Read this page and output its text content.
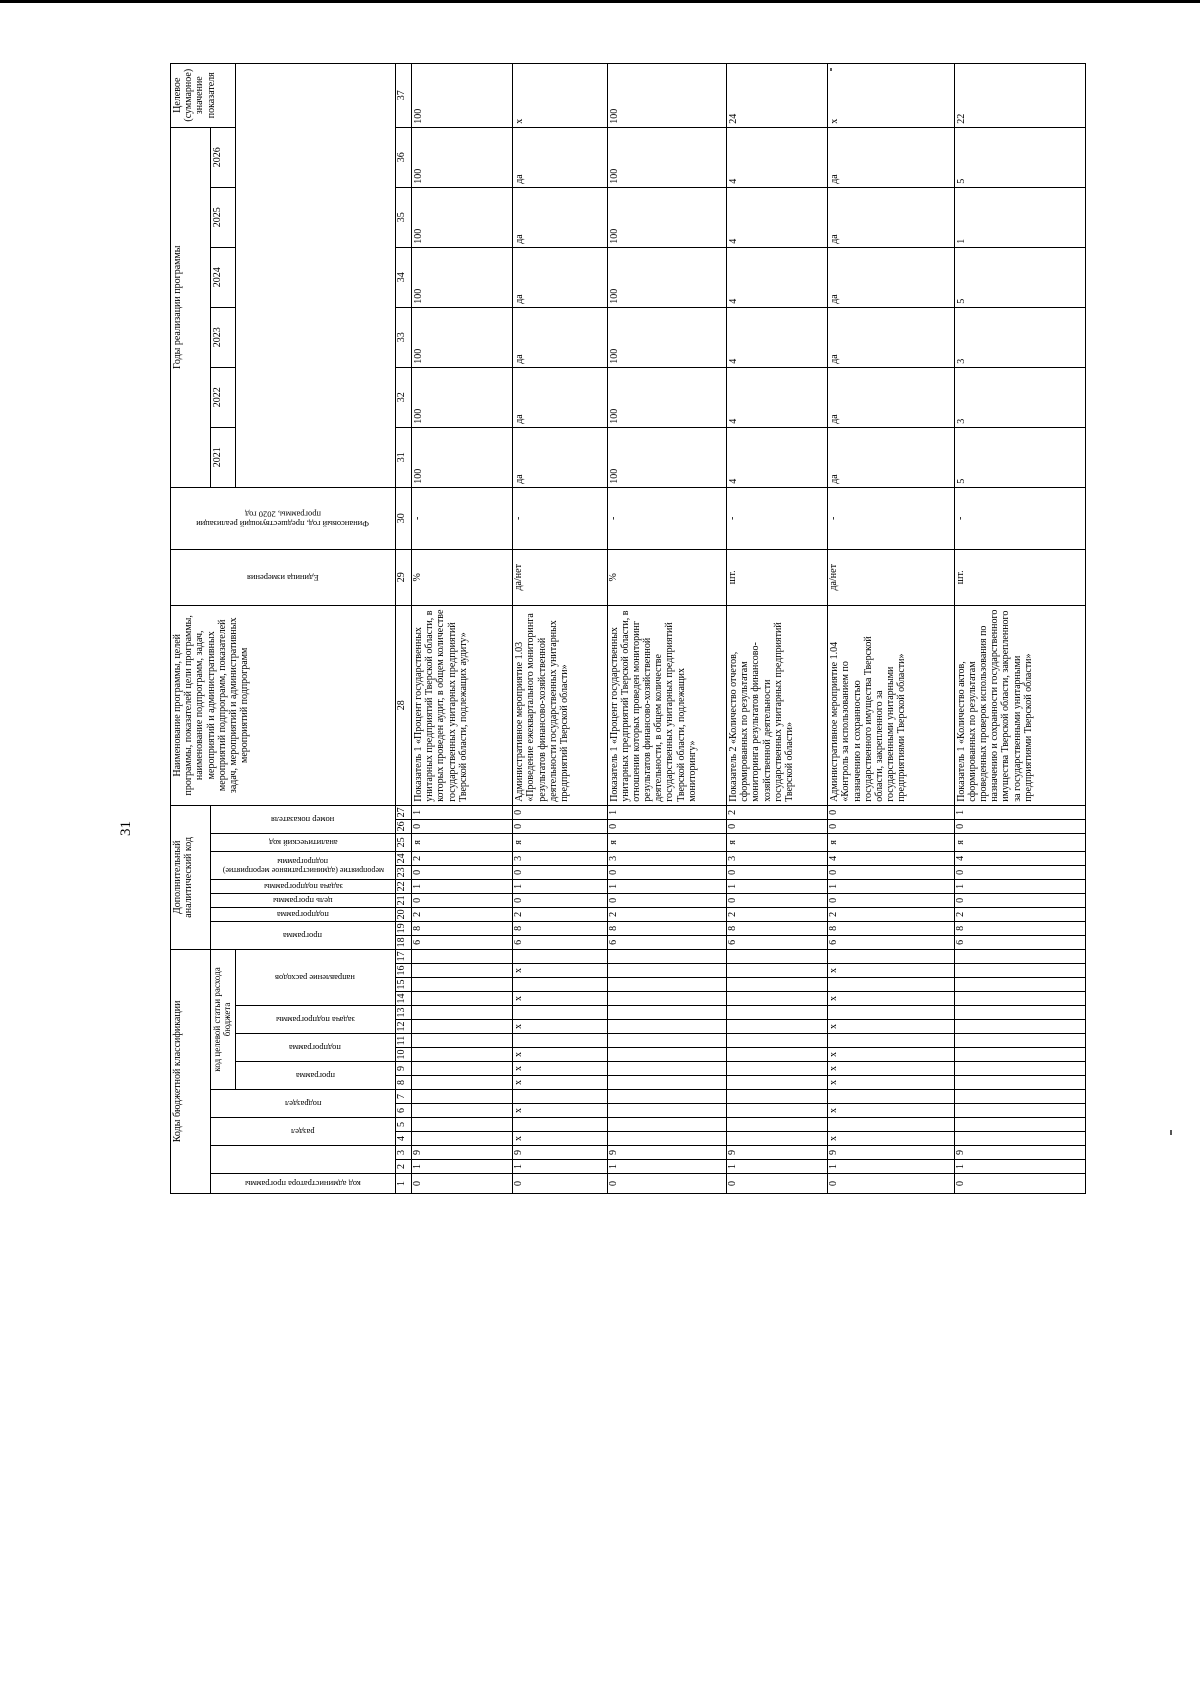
31
Коды бюджетной классификации																	Дополнительный аналитический код										Наименование программы, целей программы, показателей цели программы, наименование подпрограмм, задач, мероприятий и административных мероприятий подпрограмм, показателей задач, мероприятий и административных мероприятий подпрограмм	Единица измерения	Финансовый год, предшествующий реализации программы, 2020 год	Годы реализации программы						Целевое (суммарное) значение показателя

код администратора программы			раздел		подраздел		код целевой статьи расхода бюджета										программа		подпрограмма	цель программы	задача подпрограммы	мероприятие (административное мероприятие) подпрограммы		аналитический код	номер показателя					2021	2022	2023	2024	2025	2026	

							программа		подпрограмма		задача подпрограммы		направление расходов																							

1	2	3	4	5	6	7	8	9	10	11	12	13	14	15	16	17	18	19	20	21	22	23	24	25	26	27	28	29	30	31	32	33	34	35	36	37
0	1	9															6	8	2	0	1	0	2	я	0	1	Показатель 1 «Процент государственных унитарных предприятий Тверской области, в которых проведен аудит, в общем количестве государственных унитарных предприятий Тверской области, подлежащих аудиту»	%	-	100	100	100	100	100	100	100
0	1	9	х		х		х	х	х		х		х		х		6	8	2	0	1	0	3	я	0	0	Административное мероприятие 1.03 «Проведение ежеквартального мониторинга результатов финансово-хозяйственной деятельности государственных унитарных предприятий Тверской области»	да/нет	-	да	да	да	да	да	да	х
0	1	9															6	8	2	0	1	0	3	я	0	1	Показатель 1 «Процент государственных унитарных предприятий Тверской области, в отношении которых проведен мониторинг результатов финансово-хозяйственной деятельности, в общем количестве государственных унитарных предприятий Тверской области, подлежащих мониторингу»	%	-	100	100	100	100	100	100	100
0	1	9															6	8	2	0	1	0	3	я	0	2	Показатель 2 «Количество отчетов, сформированных по результатам мониторинга результатов финансово-хозяйственной деятельности государственных унитарных предприятий Тверской области»	шт.	-	4	4	4	4	4	4	24
0	1	9	х		х		х	х	х		х		х		х		6	8	2	0	1	0	4	я	0	0	Административное мероприятие 1.04 «Контроль за использованием по назначению и сохранностью государственного имущества Тверской области, закрепленного за государственными унитарными предприятиями Тверской области»	да/нет	-	да	да	да	да	да	да	х
0	1	9															6	8	2	0	1	0	4	я	0	1	Показатель 1 «Количество актов, сформированных по результатам проведенных проверок использования по назначению и сохранности государственного имущества Тверской области, закрепленного за государственными унитарными предприятиями Тверской области»	шт.	-	5	3	3	5	1	5	22
